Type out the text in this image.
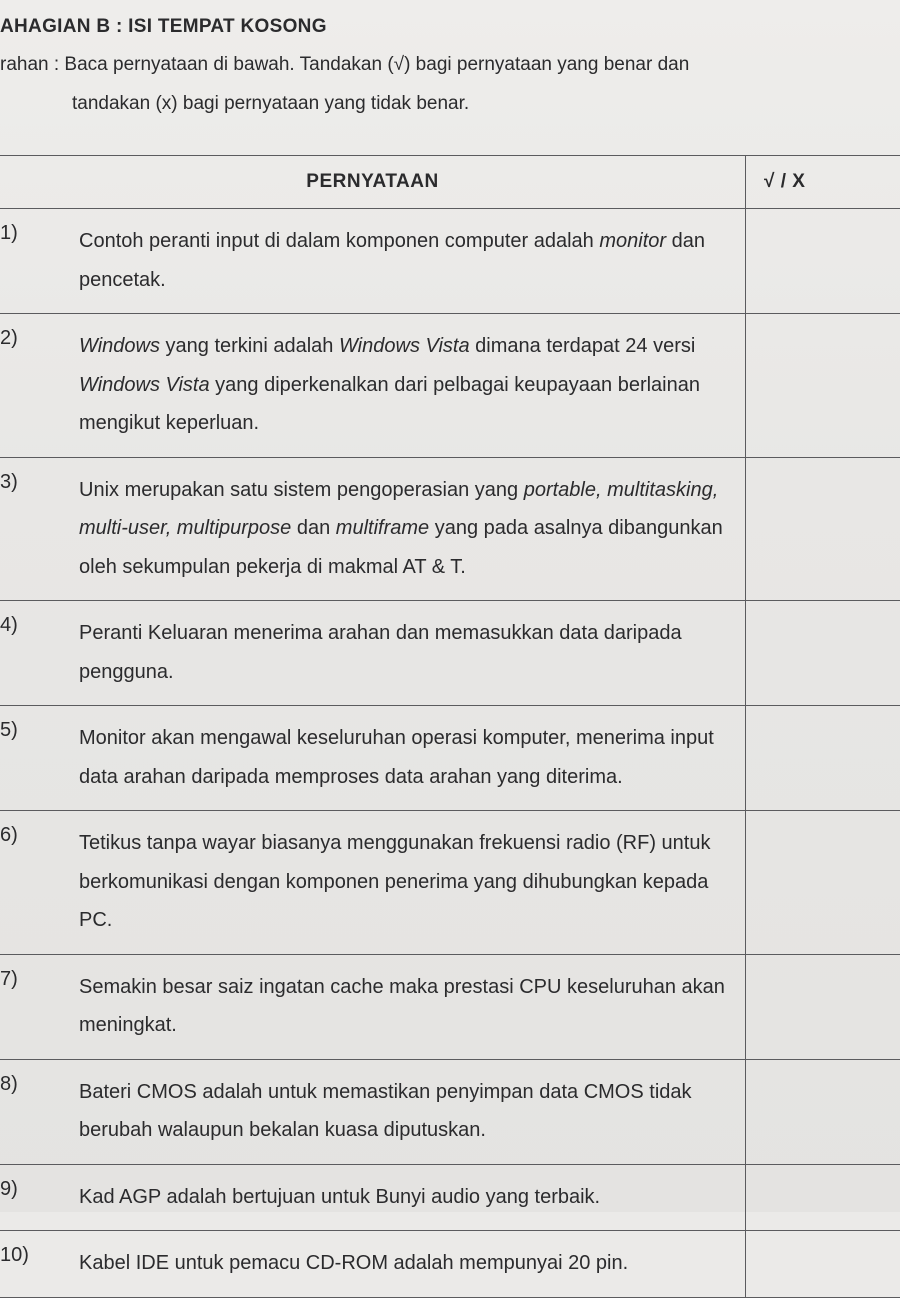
AHAGIAN B : ISI TEMPAT KOSONG

rahan : Baca pernyataan di bawah. Tandakan (√) bagi pernyataan yang benar dan

tandakan (x) bagi pernyataan yang tidak benar.

PERNYATAAN	√ / X

1) Contoh peranti input di dalam komponen computer adalah monitor dan pencetak.	

2) Windows yang terkini adalah Windows Vista dimana terdapat 24 versi Windows Vista yang diperkenalkan dari pelbagai keupayaan berlainan mengikut keperluan.	

3) Unix merupakan satu sistem pengoperasian yang portable, multitasking, multi-user, multipurpose dan multiframe yang pada asalnya dibangunkan oleh sekumpulan pekerja di makmal AT & T.	

4) Peranti Keluaran menerima arahan dan memasukkan data daripada pengguna.	

5) Monitor akan mengawal keseluruhan operasi komputer, menerima input data arahan daripada memproses data arahan yang diterima.	

6) Tetikus tanpa wayar biasanya menggunakan frekuensi radio (RF) untuk berkomunikasi dengan komponen penerima yang dihubungkan kepada PC.	

7) Semakin besar saiz ingatan cache maka prestasi CPU keseluruhan akan meningkat.	

8) Bateri CMOS adalah untuk memastikan penyimpan data CMOS tidak berubah walaupun bekalan kuasa diputuskan.	

9) Kad AGP adalah bertujuan untuk Bunyi audio yang terbaik.	

10) Kabel IDE untuk pemacu CD-ROM adalah mempunyai 20 pin.	
